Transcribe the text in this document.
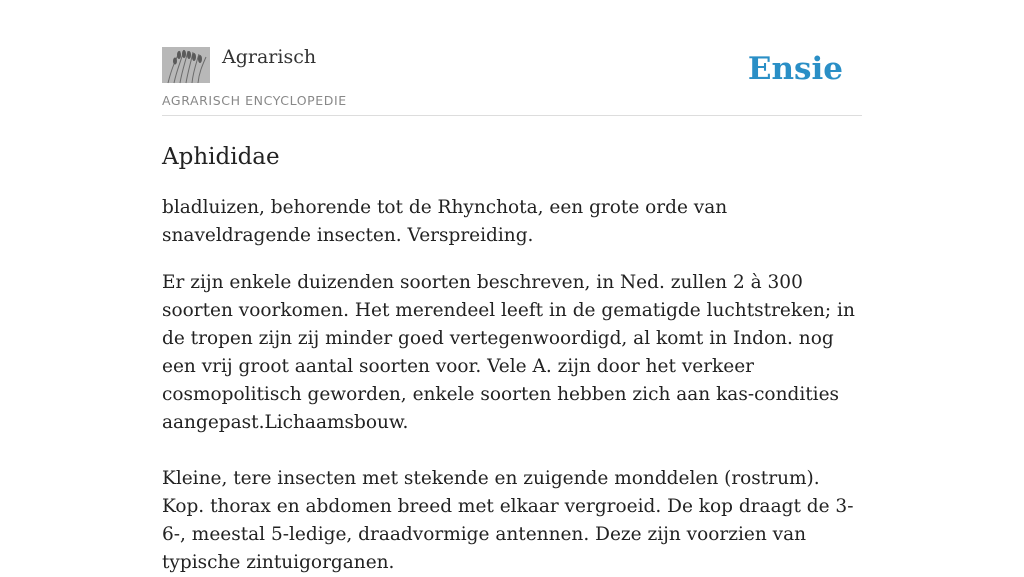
Agrarisch
AGRARISCH ENCYCLOPEDIE
Ensie
Aphididae

bladluizen, behorende tot de Rhynchota, een grote orde van snaveldragende insecten. Verspreiding.

Er zijn enkele duizenden soorten beschreven, in Ned. zullen 2 à 300 soorten voorkomen. Het merendeel leeft in de gematigde luchtstreken; in de tropen zijn zij minder goed vertegenwoordigd, al komt in Indon. nog een vrij groot aantal soorten voor. Vele A. zijn door het verkeer cosmopolitisch geworden, enkele soorten hebben zich aan kas-condities aangepast.Lichaamsbouw.

Kleine, tere insecten met stekende en zuigende monddelen (rostrum). Kop. thorax en abdomen breed met elkaar vergroeid. De kop draagt de 3-6-, meestal 5-ledige, draadvormige antennen. Deze zijn voorzien van typische zintuigorganen.
